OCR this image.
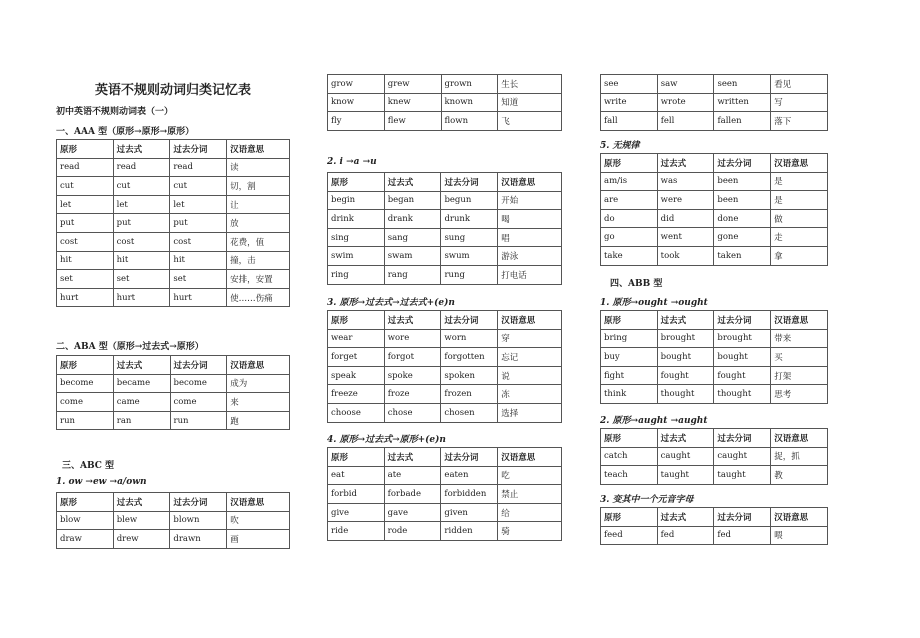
英语不规则动词归类记忆表
初中英语不规则动词表（一）
一、AAA 型（原形→原形→原形）
原形	过去式	过去分词	汉语意思
read	read	read	读
cut	cut	cut	切，割
let	let	let	让
put	put	put	放
cost	cost	cost	花费，值
hit	hit	hit	撞，击
set	set	set	安排，安置
hurt	hurt	hurt	使……伤痛
二、ABA 型（原形→过去式→原形）
原形	过去式	过去分词	汉语意思
become	became	become	成为
come	came	come	来
run	ran	run	跑
三、ABC 型
1. ow →ew →a/own
原形	过去式	过去分词	汉语意思
blow	blew	blown	吹
draw	drew	drawn	画
grow	grew	grown	生长
know	knew	known	知道
fly	flew	flown	飞
2. i →a →u
原形	过去式	过去分词	汉语意思
begin	began	begun	开始
drink	drank	drunk	喝
sing	sang	sung	唱
swim	swam	swum	游泳
ring	rang	rung	打电话
3. 原形→过去式→过去式+(e)n
原形	过去式	过去分词	汉语意思
wear	wore	worn	穿
forget	forgot	forgotten	忘记
speak	spoke	spoken	说
freeze	froze	frozen	冻
choose	chose	chosen	选择
4. 原形→过去式→原形+(e)n
原形	过去式	过去分词	汉语意思
eat	ate	eaten	吃
forbid	forbade	forbidden	禁止
give	gave	given	给
ride	rode	ridden	骑
see	saw	seen	看见
write	wrote	written	写
fall	fell	fallen	落下
5. 无规律
原形	过去式	过去分词	汉语意思
am/is	was	been	是
are	were	been	是
do	did	done	做
go	went	gone	走
take	took	taken	拿
四、ABB 型
1. 原形→ought →ought
原形	过去式	过去分词	汉语意思
bring	brought	brought	带来
buy	bought	bought	买
fight	fought	fought	打架
think	thought	thought	思考
2. 原形→aught →aught
原形	过去式	过去分词	汉语意思
catch	caught	caught	捉，抓
teach	taught	taught	教
3. 变其中一个元音字母
原形	过去式	过去分词	汉语意思
feed	fed	fed	喂
